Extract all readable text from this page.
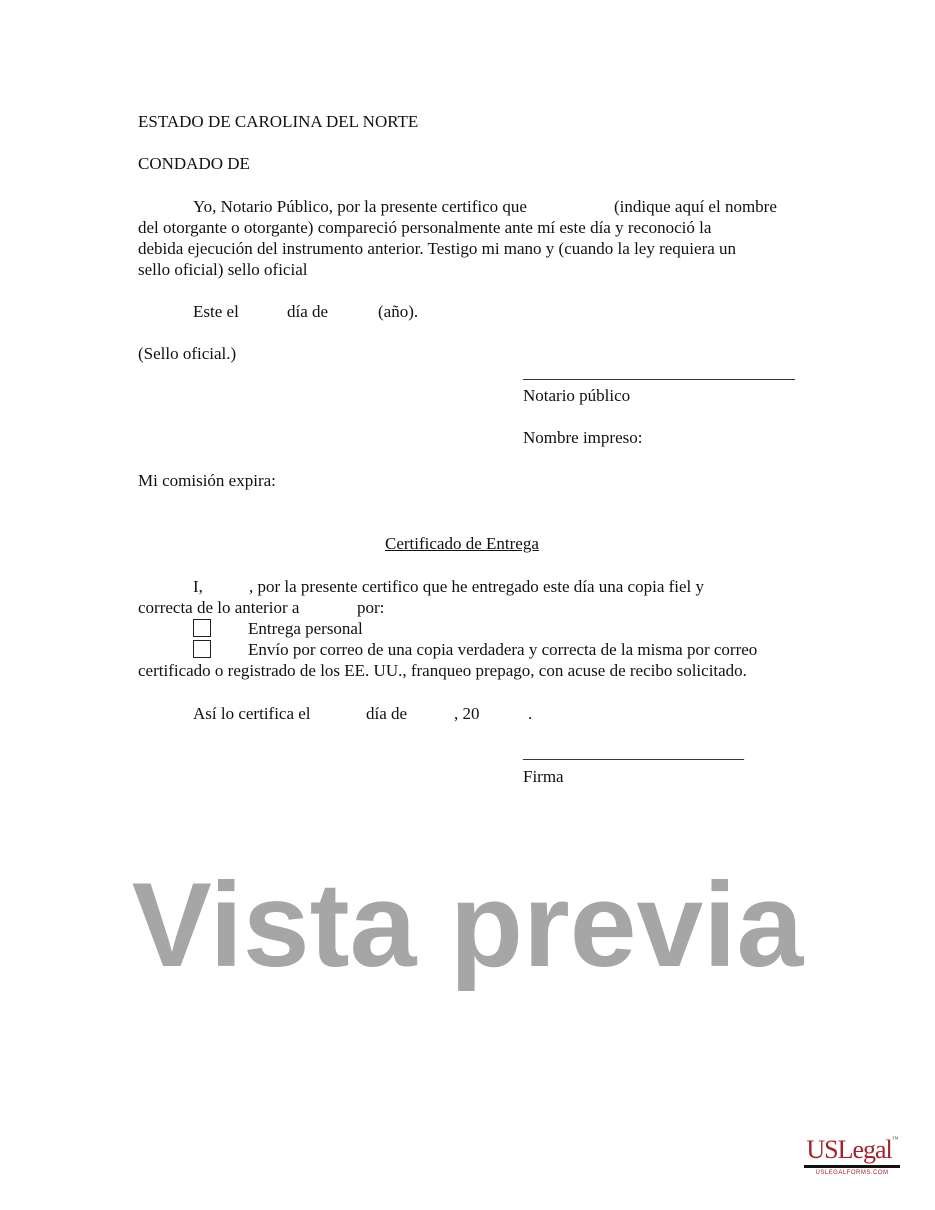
ESTADO DE CAROLINA DEL NORTE
CONDADO DE
Yo, Notario Público, por la presente certifico que	(indique aquí el nombre
del otorgante o otorgante) compareció personalmente ante mí este día y reconoció la
debida ejecución del instrumento anterior. Testigo mi mano y (cuando la ley requiera un
sello oficial) sello oficial
Este el	día de	(año).
(Sello oficial.)
________________________________
Notario público
Nombre impreso:
Mi comisión expira:
Certificado de Entrega
I,	, por la presente certifico que he entregado este día una copia fiel y
correcta de lo anterior a	por:
Entrega personal
Envío por correo de una copia verdadera y correcta de la misma por correo
certificado o registrado de los EE. UU., franqueo prepago, con acuse de recibo solicitado.
Así lo certifica el	día de	, 20	.
__________________________
Firma
Vista previa
USLegal™
USLEGALFORMS.COM
